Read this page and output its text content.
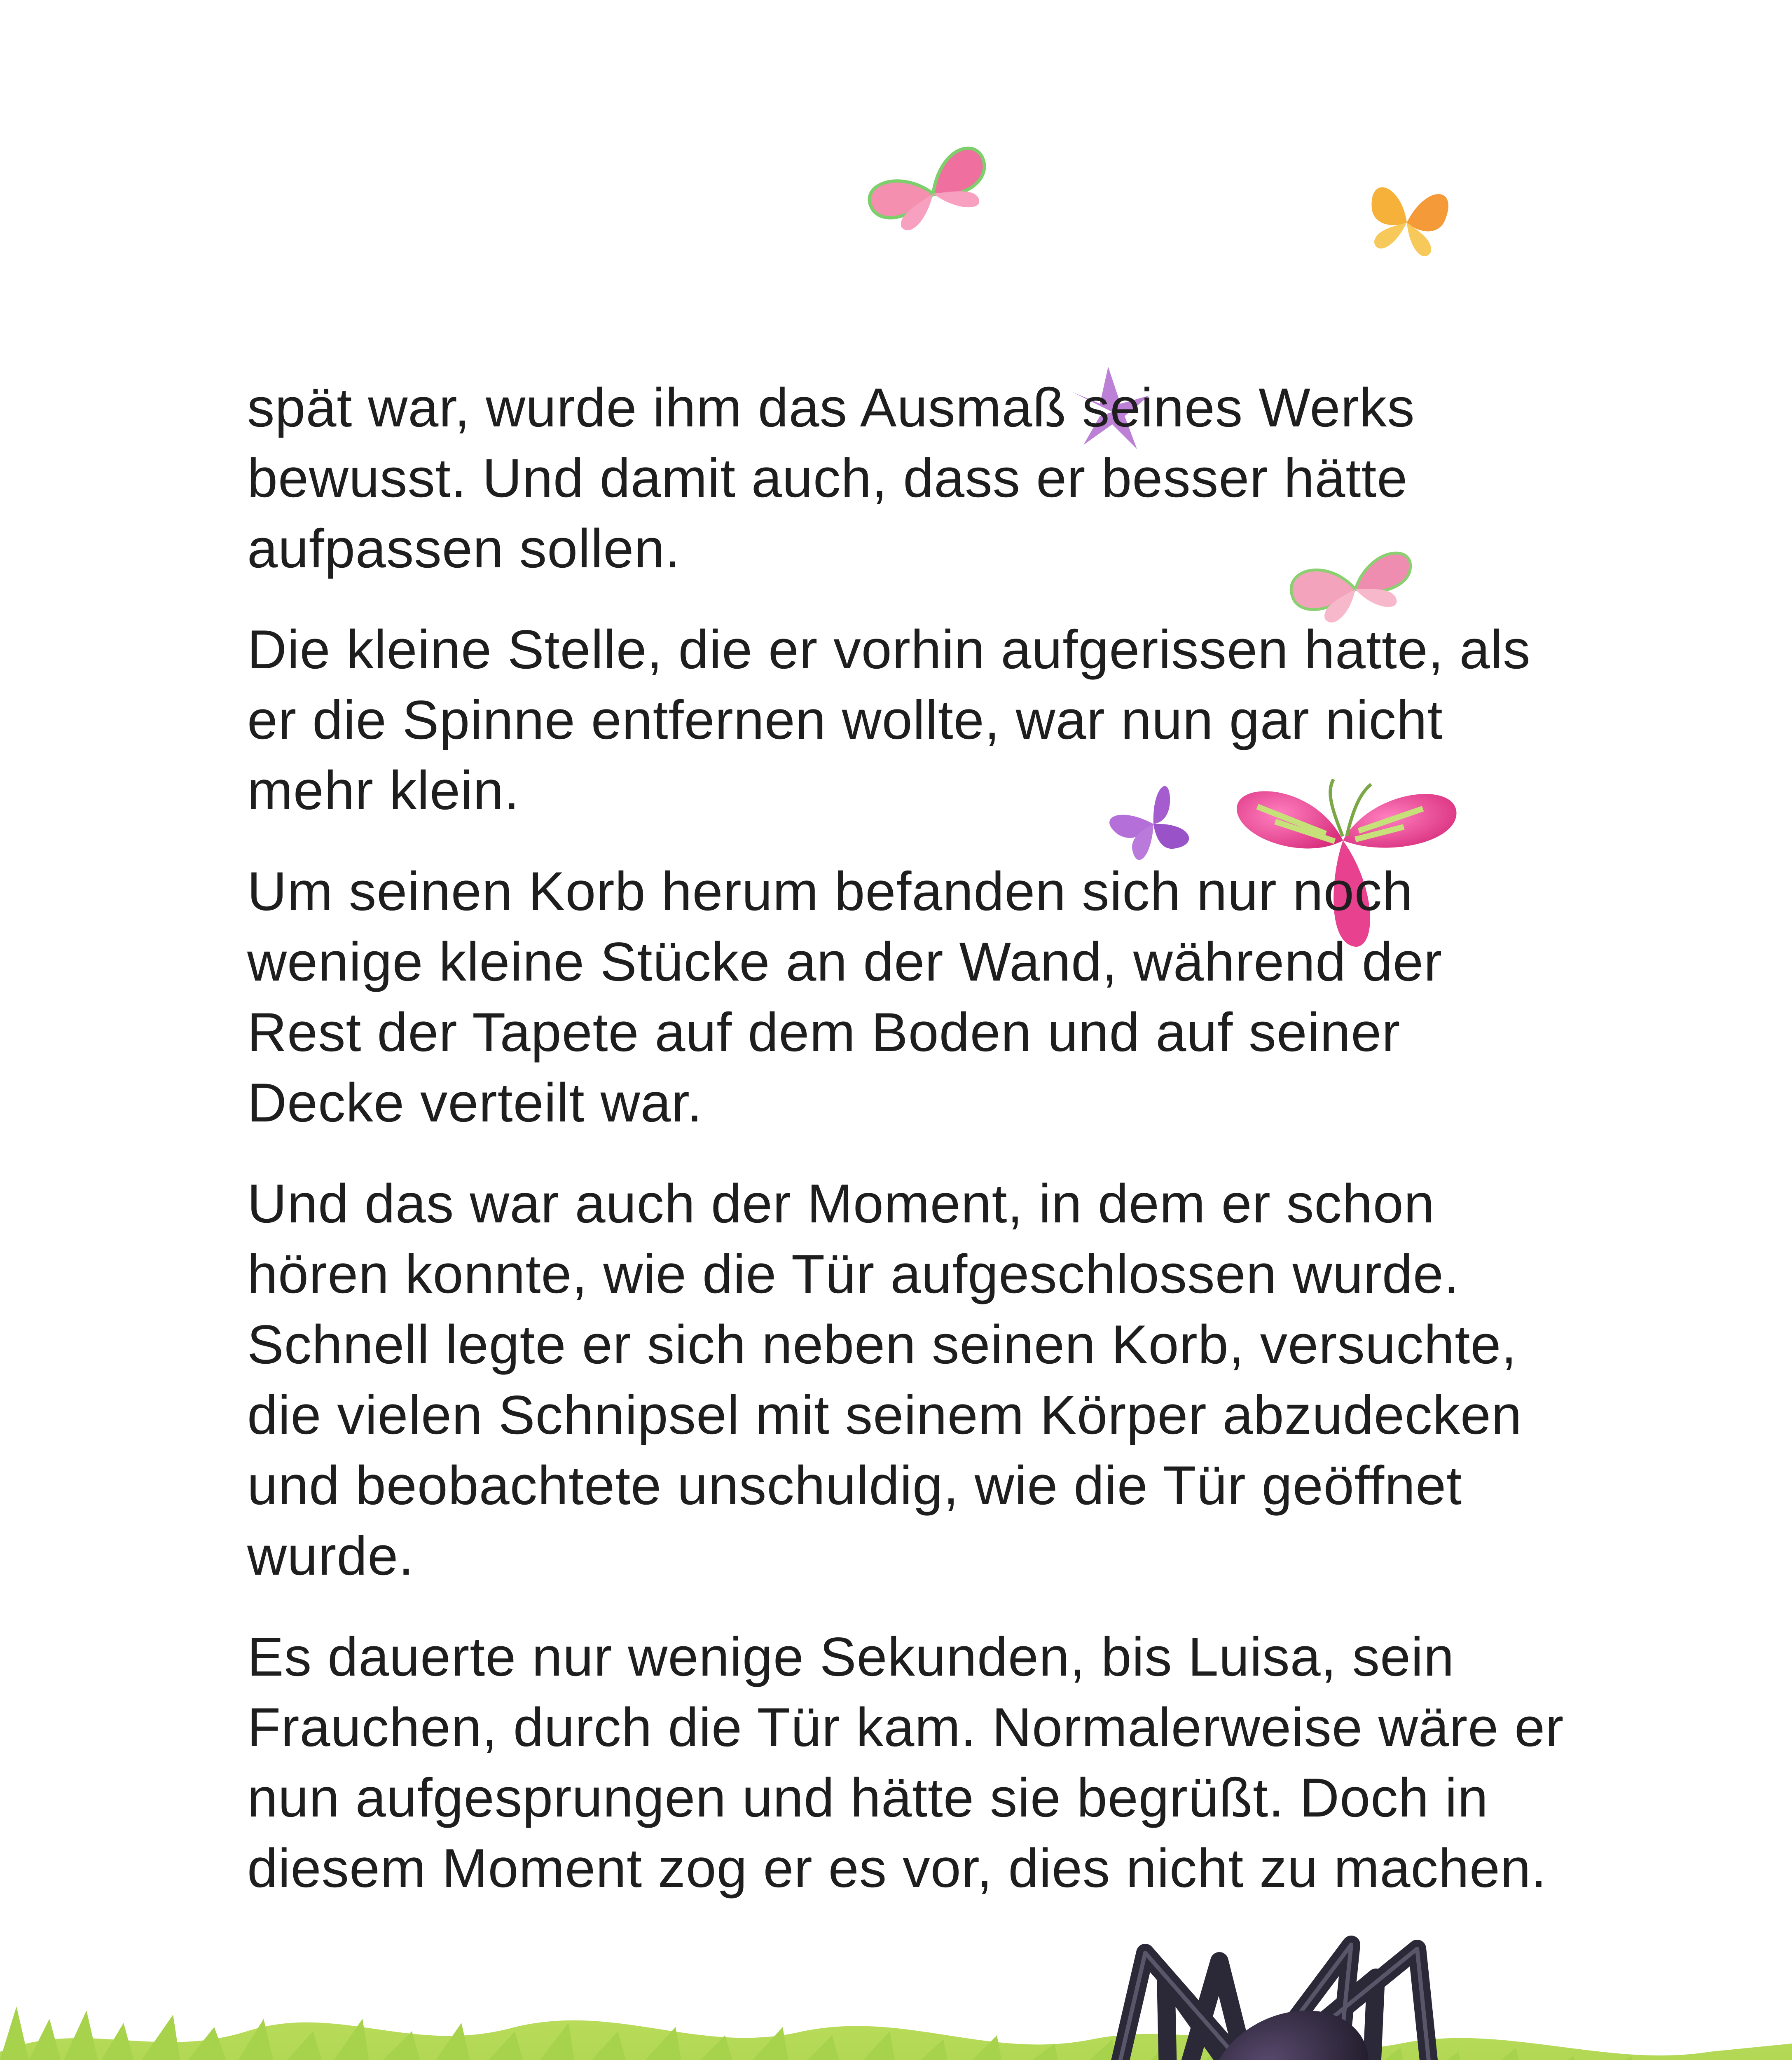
spät war, wurde ihm das Ausmaß seines Werks bewusst. Und damit auch, dass er besser hätte aufpassen sollen.

Die kleine Stelle, die er vorhin aufgerissen hatte, als er die Spinne entfernen wollte, war nun gar nicht mehr klein.

Um seinen Korb herum befanden sich nur noch wenige kleine Stücke an der Wand, während der Rest der Tapete auf dem Boden und auf seiner Decke verteilt war.

Und das war auch der Moment, in dem er schon hören konnte, wie die Tür aufgeschlossen wurde. Schnell legte er sich neben seinen Korb, versuchte, die vielen Schnipsel mit seinem Körper abzudecken und beobachtete unschuldig, wie die Tür geöffnet wurde.

Es dauerte nur wenige Sekunden, bis Luisa, sein Frauchen, durch die Tür kam. Normalerweise wäre er nun aufgesprungen und hätte sie begrüßt. Doch in diesem Moment zog er es vor, dies nicht zu machen.
